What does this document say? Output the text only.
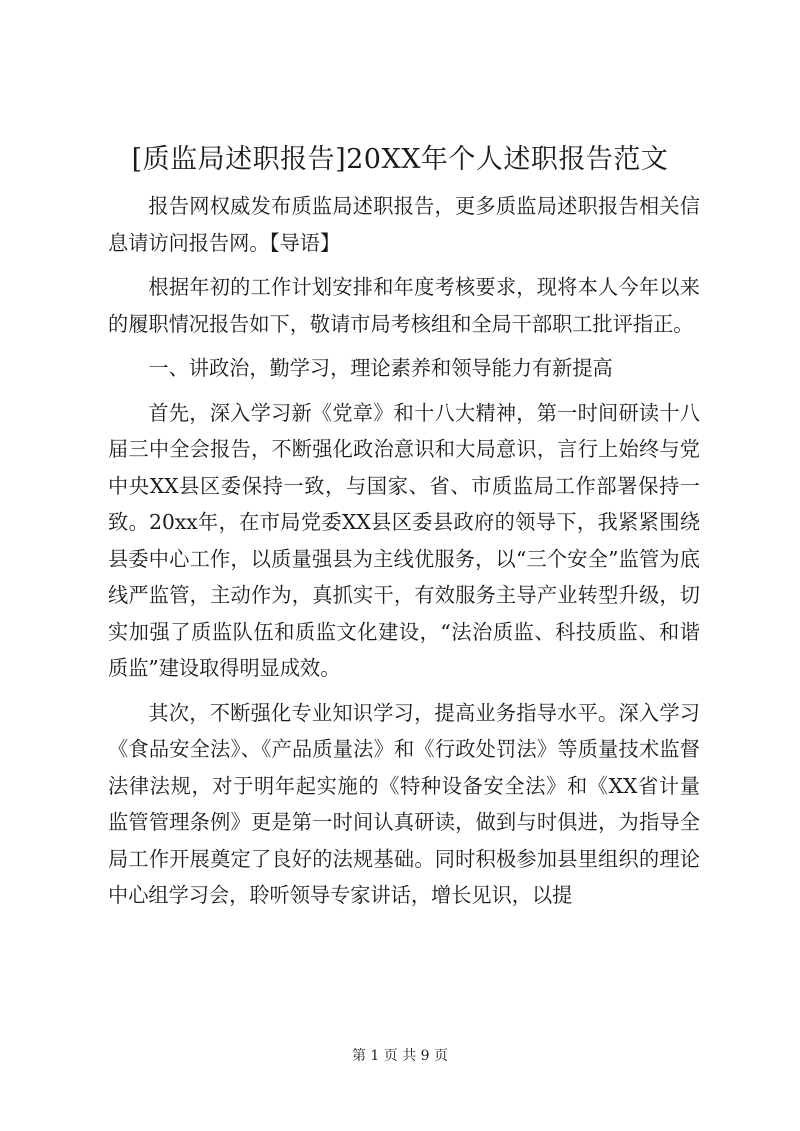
[质监局述职报告]20XX年个人述职报告范文

报告网权威发布质监局述职报告，更多质监局述职报告相关信息请访问报告网。【导语】

根据年初的工作计划安排和年度考核要求，现将本人今年以来的履职情况报告如下，敬请市局考核组和全局干部职工批评指正。

一、讲政治，勤学习，理论素养和领导能力有新提高

首先，深入学习新《党章》和十八大精神，第一时间研读十八届三中全会报告，不断强化政治意识和大局意识，言行上始终与党中央XX县区委保持一致，与国家、省、市质监局工作部署保持一致。20xx年，在市局党委XX县区委县政府的领导下，我紧紧围绕县委中心工作，以质量强县为主线优服务，以“三个安全”监管为底线严监管，主动作为，真抓实干，有效服务主导产业转型升级，切实加强了质监队伍和质监文化建设，“法治质监、科技质监、和谐质监”建设取得明显成效。

其次，不断强化专业知识学习，提高业务指导水平。深入学习《食品安全法》、《产品质量法》和《行政处罚法》等质量技术监督法律法规，对于明年起实施的《特种设备安全法》和《XX省计量监管管理条例》更是第一时间认真研读，做到与时俱进，为指导全局工作开展奠定了良好的法规基础。同时积极参加县里组织的理论中心组学习会，聆听领导专家讲话，增长见识，以提

第 1 页 共 9 页
